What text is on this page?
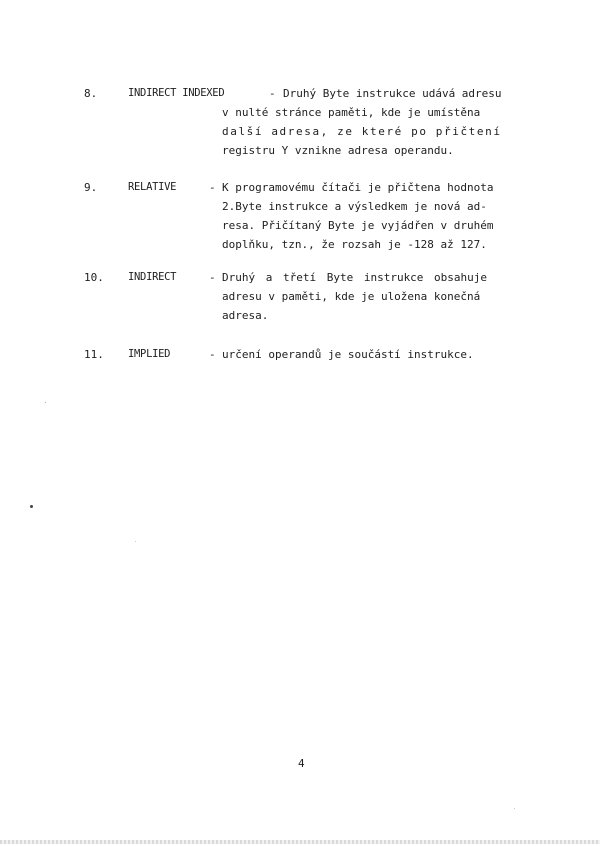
8.	INDIRECT INDEXED	- Druhý Byte instrukce udává adresu
v nulté stránce paměti, kde je umístěna
další adresa, ze které po přičtení
registru Y vznikne adresa operandu.
9.	RELATIVE	- K programovému čítači je přičtena hodnota
2.Byte instrukce a výsledkem je nová ad-
resa. Přičítaný Byte je vyjádřen v druhém
doplňku, tzn., že rozsah je -128 až 127.
10. INDIRECT	- Druhý a třetí Byte instrukce obsahuje
adresu v paměti, kde je uložena konečná
adresa.
11. IMPLIED	- určení operandů je součástí instrukce.
4
